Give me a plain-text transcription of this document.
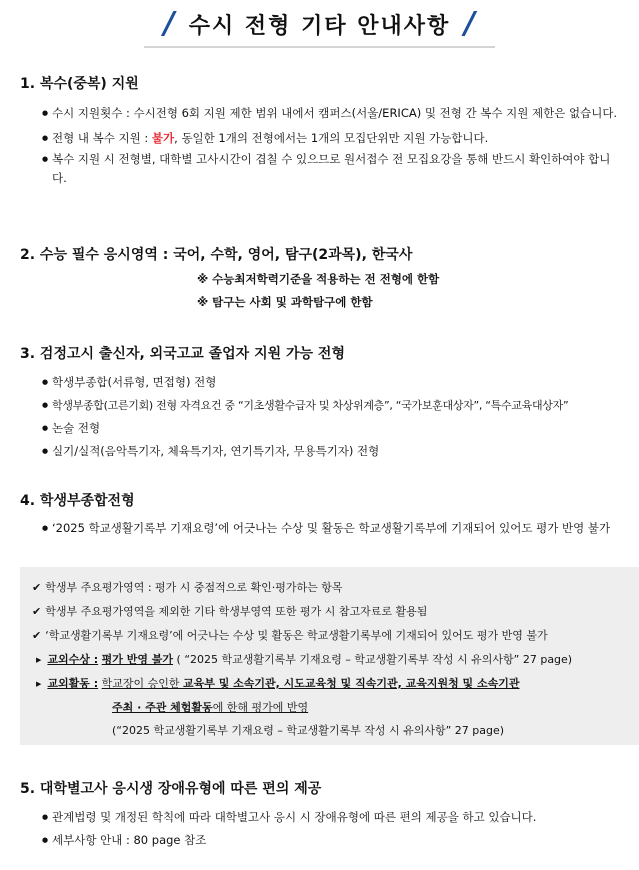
/ 수시 전형 기타 안내사항 /
1. 복수(중복) 지원
● 수시 지원횟수 : 수시전형 6회 지원 제한 범위 내에서 캠퍼스(서울/ERICA) 및 전형 간 복수 지원 제한은 없습니다.
● 전형 내 복수 지원 : 불가, 동일한 1개의 전형에서는 1개의 모집단위만 지원 가능합니다.
● 복수 지원 시 전형별, 대학별 고사시간이 겹칠 수 있으므로 원서접수 전 모집요강을 통해 반드시 확인하여야 합니다.
2. 수능 필수 응시영역 : 국어, 수학, 영어, 탐구(2과목), 한국사
※ 수능최저학력기준을 적용하는 전 전형에 한함
※ 탐구는 사회 및 과학탐구에 한함
3. 검정고시 출신자, 외국고교 졸업자 지원 가능 전형
● 학생부종합(서류형, 면접형) 전형
● 학생부종합(고른기회) 전형 자격요건 중 “기초생활수급자 및 차상위계층”, “국가보훈대상자”, “특수교육대상자”
● 논술 전형
● 실기/실적(음악특기자, 체육특기자, 연기특기자, 무용특기자) 전형
4. 학생부종합전형
● ‘2025 학교생활기록부 기재요령’에 어긋나는 수상 및 활동은 학교생활기록부에 기재되어 있어도 평가 반영 불가
✔ 학생부 주요평가영역 : 평가 시 중점적으로 확인·평가하는 항목
✔ 학생부 주요평가영역을 제외한 기타 학생부영역 또한 평가 시 참고자료로 활용됨
✔ ‘학교생활기록부 기재요령’에 어긋나는 수상 및 활동은 학교생활기록부에 기재되어 있어도 평가 반영 불가
▶ 교외수상 : 평가 반영 불가 ( “2025 학교생활기록부 기재요령 – 학교생활기록부 작성 시 유의사항” 27 page)
▶ 교외활동 : 학교장이 승인한 교육부 및 소속기관, 시도교육청 및 직속기관, 교육지원청 및 소속기관
주최 · 주관 체험활동에 한해 평가에 반영
(“2025 학교생활기록부 기재요령 – 학교생활기록부 작성 시 유의사항” 27 page)
5. 대학별고사 응시생 장애유형에 따른 편의 제공
● 관계법령 및 개정된 학칙에 따라 대학별고사 응시 시 장애유형에 따른 편의 제공을 하고 있습니다.
● 세부사항 안내 : 80 page 참조
